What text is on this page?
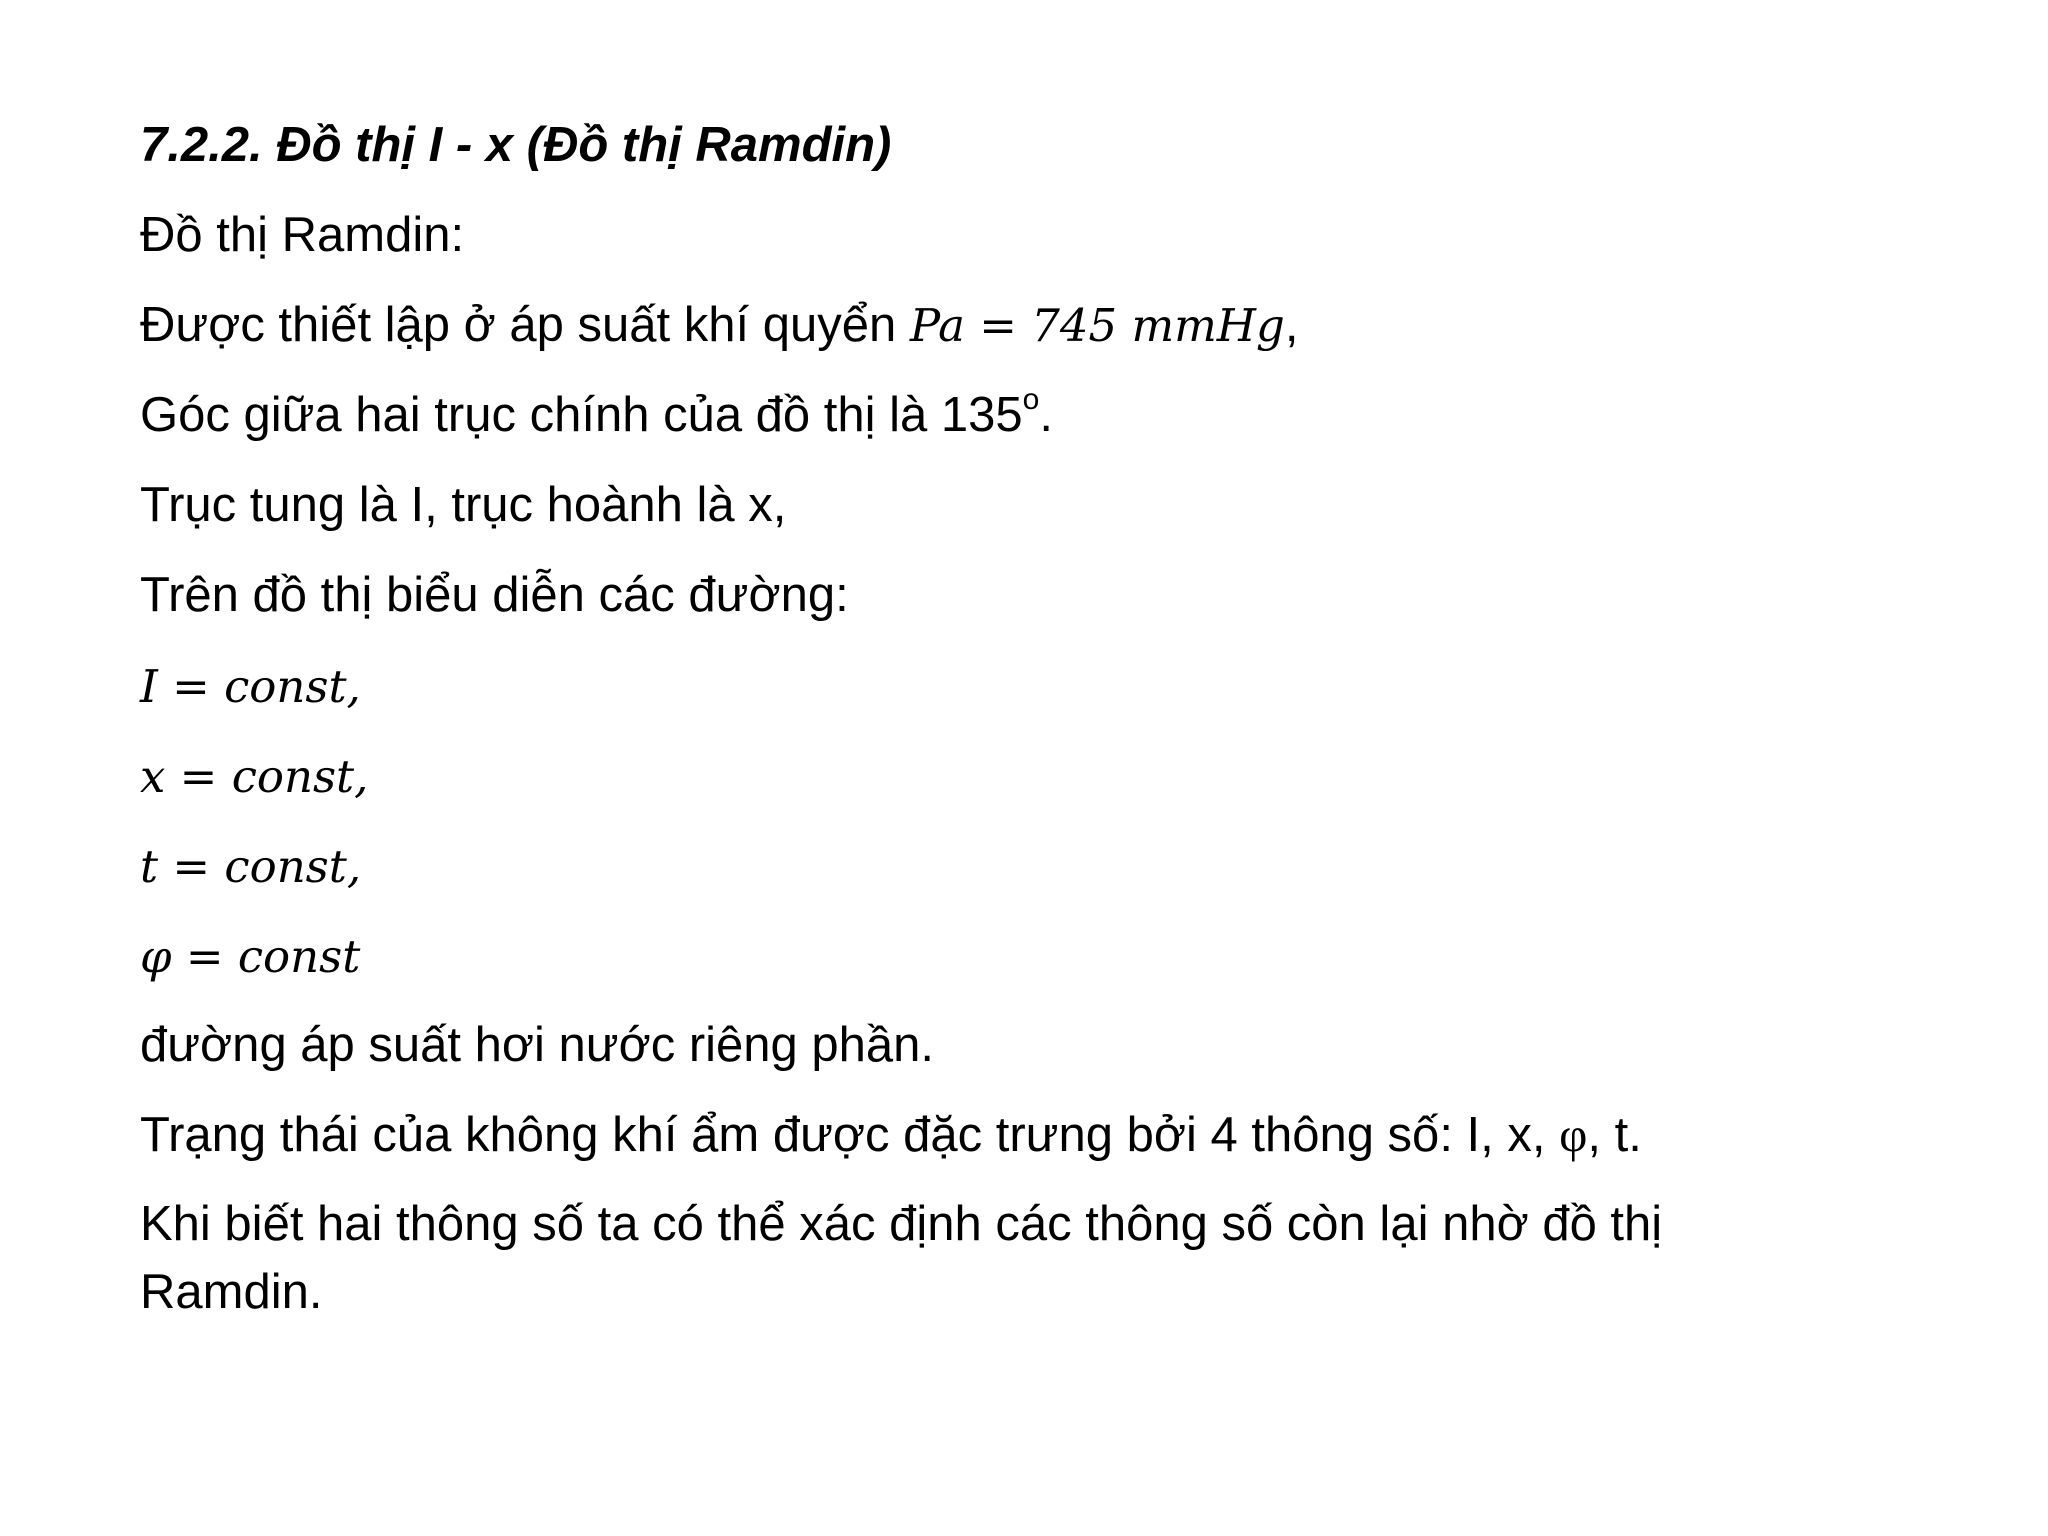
7.2.2. Đồ thị I - x (Đồ thị Ramdin)
Đồ thị Ramdin:
Được thiết lập ở áp suất khí quyển Pa = 745 mmHg,
Góc giữa hai trục chính của đồ thị là 135$^o$.
Trục tung là I, trục hoành là x,
Trên đồ thị biểu diễn các đường:
I = const,
x = const,
t = const,
φ = const
đường áp suất hơi nước riêng phần.
Trạng thái của không khí ẩm được đặc trưng bởi 4 thông số: I, x, φ, t.
Khi biết hai thông số ta có thể xác định các thông số còn lại nhờ đồ thị Ramdin.
